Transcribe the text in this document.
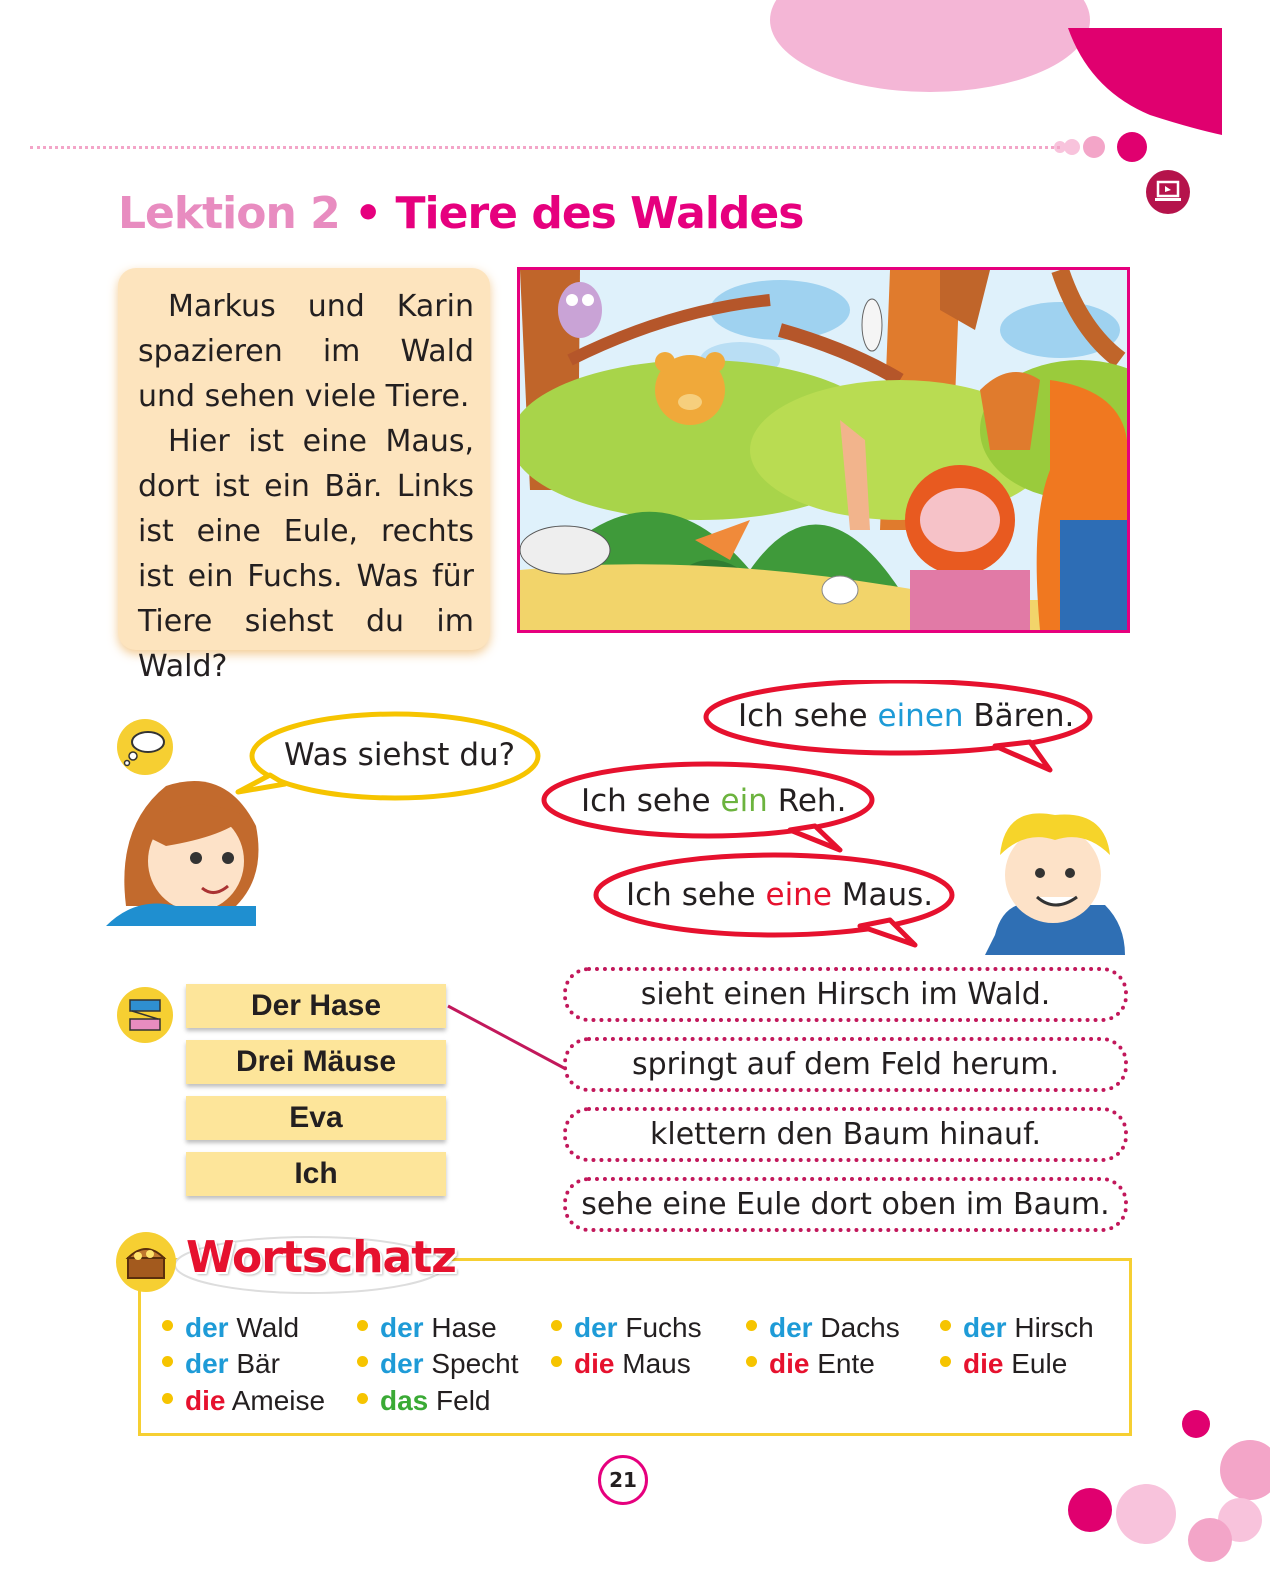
Lektion 2 • Tiere des Waldes

Markus und Karin spazieren im Wald und sehen viele Tiere.

Hier ist eine Maus, dort ist ein Bär. Links ist eine Eule, rechts ist ein Fuchs. Was für Tiere siehst du im Wald?

Was siehst du?
Ich sehe einen Bären.
Ich sehe ein Reh.
Ich sehe eine Maus.
Der Hase
Drei Mäuse
Eva
Ich
sieht einen Hirsch im Wald.
springt auf dem Feld herum.
klettern den Baum hinauf.
sehe eine Eule dort oben im Baum.
Wortschatz
der Wald
der Bär
die Ameise
der Hase
der Specht
das Feld
der Fuchs
die Maus
der Dachs
die Ente
der Hirsch
die Eule
21
